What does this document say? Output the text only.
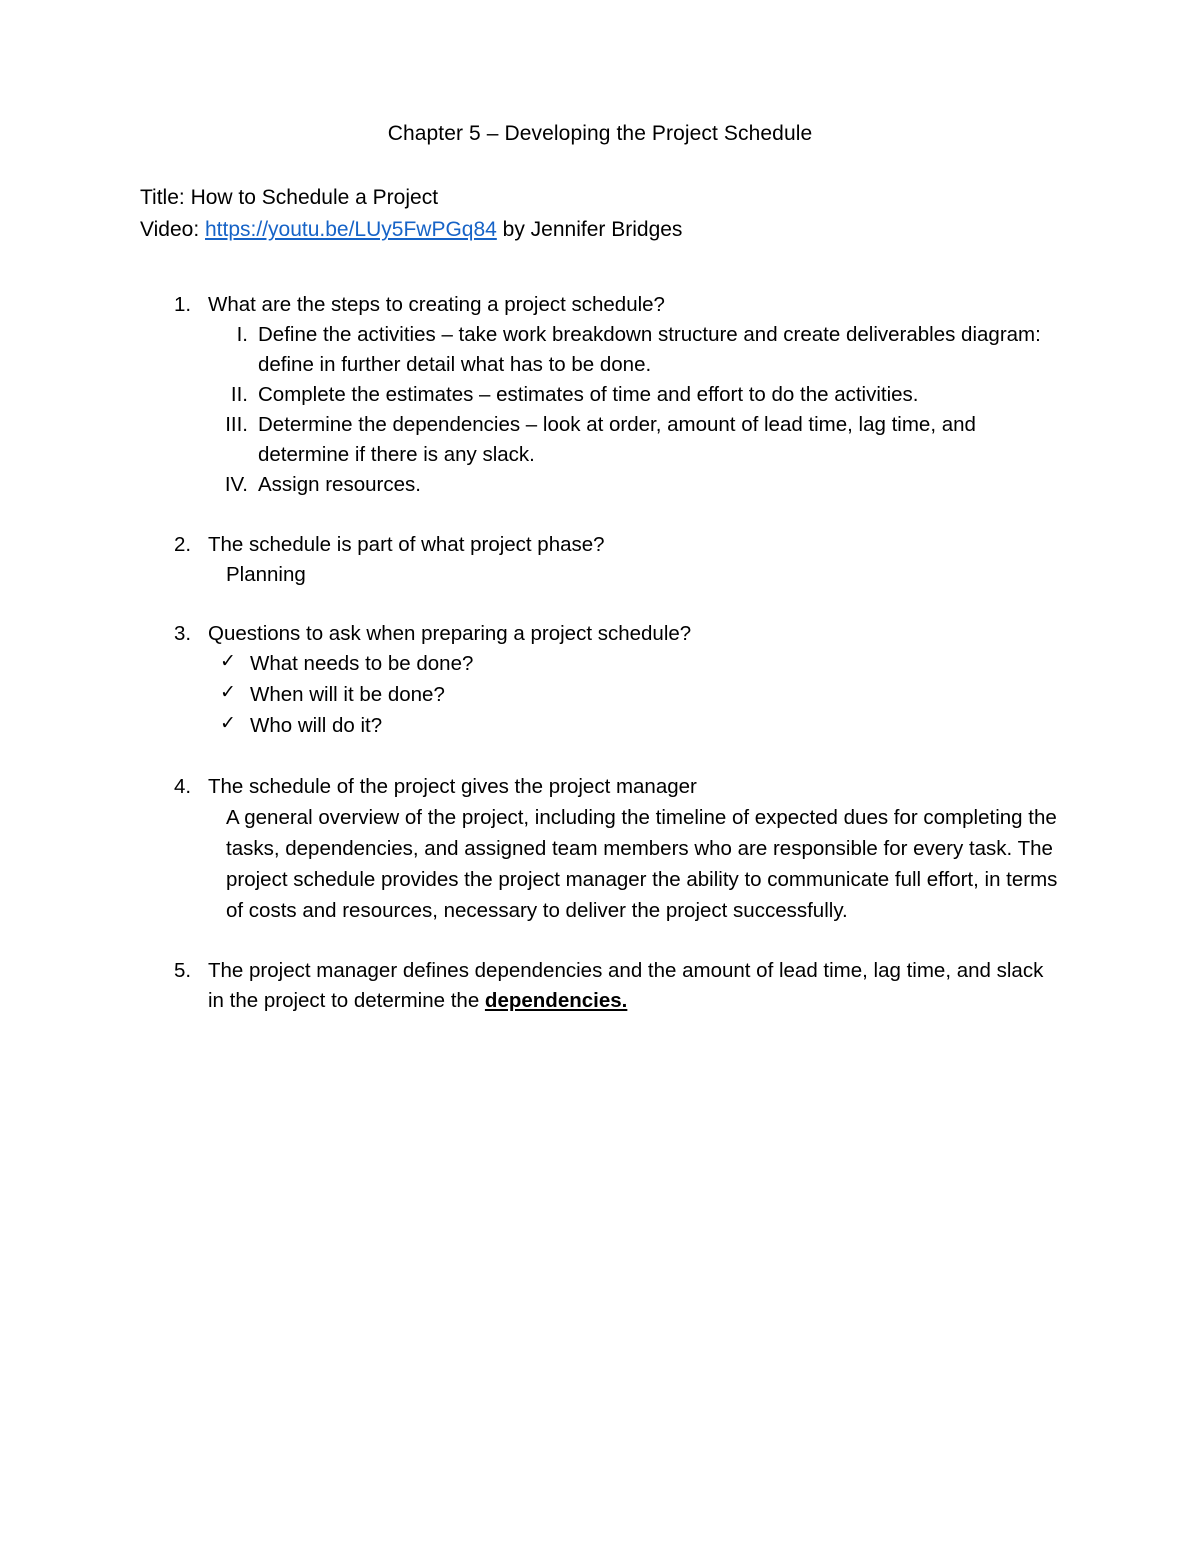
Chapter 5 – Developing the Project Schedule
Title: How to Schedule a Project
Video: https://youtu.be/LUy5FwPGq84 by Jennifer Bridges
1. What are the steps to creating a project schedule?
I. Define the activities – take work breakdown structure and create deliverables diagram: define in further detail what has to be done.
II. Complete the estimates – estimates of time and effort to do the activities.
III. Determine the dependencies – look at order, amount of lead time, lag time, and determine if there is any slack.
IV. Assign resources.
2. The schedule is part of what project phase?
Planning
3. Questions to ask when preparing a project schedule?
✓ What needs to be done?
✓ When will it be done?
✓ Who will do it?
4. The schedule of the project gives the project manager
A general overview of the project, including the timeline of expected dues for completing the tasks, dependencies, and assigned team members who are responsible for every task. The project schedule provides the project manager the ability to communicate full effort, in terms of costs and resources, necessary to deliver the project successfully.
5. The project manager defines dependencies and the amount of lead time, lag time, and slack in the project to determine the dependencies.
